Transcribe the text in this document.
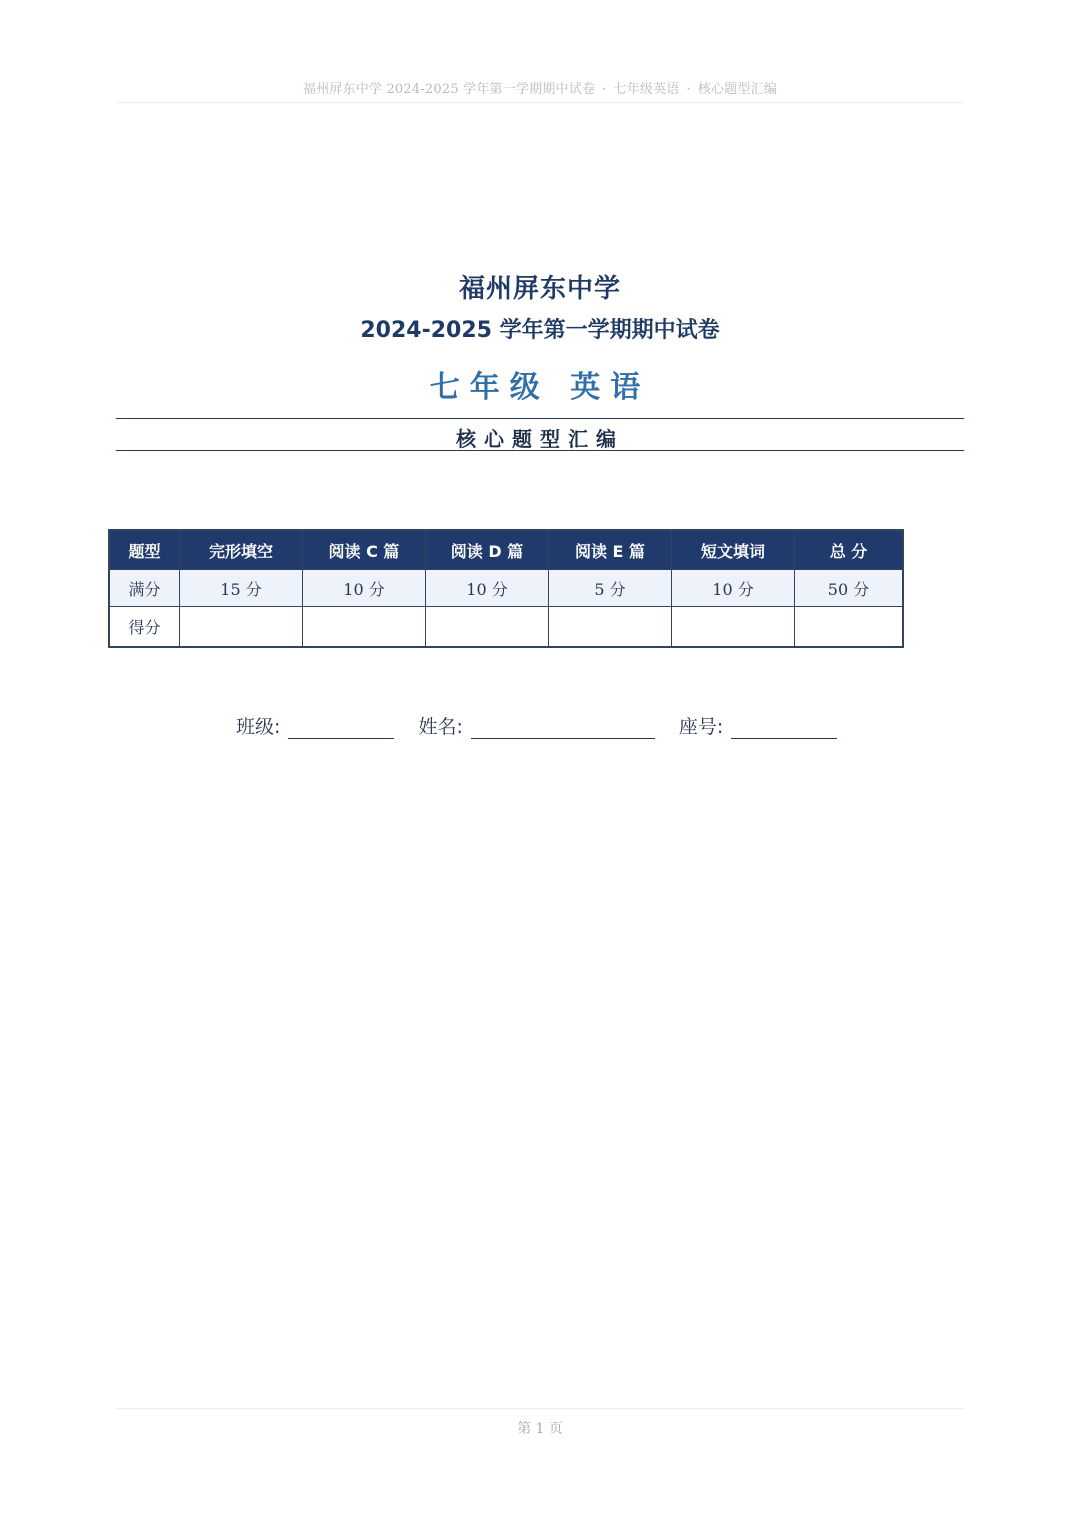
福州屏东中学 2024-2025 学年第一学期期中试卷 · 七年级英语 · 核心题型汇编
福州屏东中学
2024-2025 学年第一学期期中试卷
七年级 英语
核心题型汇编
题型	完形填空	阅读 C 篇	阅读 D 篇	阅读 E 篇	短文填词	总 分
满分	15 分	10 分	10 分	5 分	10 分	50 分
得分						
班级:	姓名:	座号:
第 1 页
